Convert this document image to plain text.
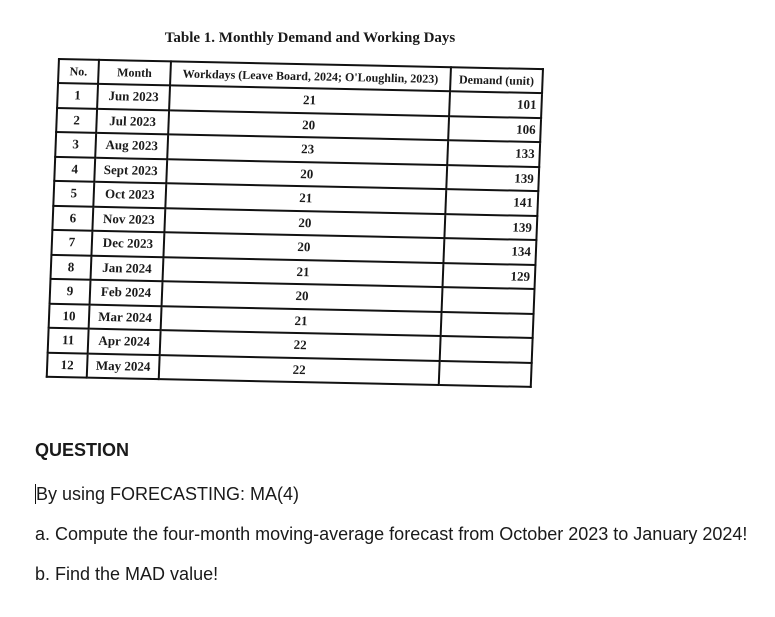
Table 1. Monthly Demand and Working Days
No.	Month	Workdays (Leave Board, 2024; O'Loughlin, 2023)	Demand (unit)
1	Jun 2023	21	101
2	Jul 2023	20	106
3	Aug 2023	23	133
4	Sept 2023	20	139
5	Oct 2023	21	141
6	Nov 2023	20	139
7	Dec 2023	20	134
8	Jan 2024	21	129
9	Feb 2024	20	
10	Mar 2024	21	
11	Apr 2024	22	
12	May 2024	22	
QUESTION
By using FORECASTING: MA(4)
a. Compute the four-month moving-average forecast from October 2023 to January 2024!
b. Find the MAD value!
